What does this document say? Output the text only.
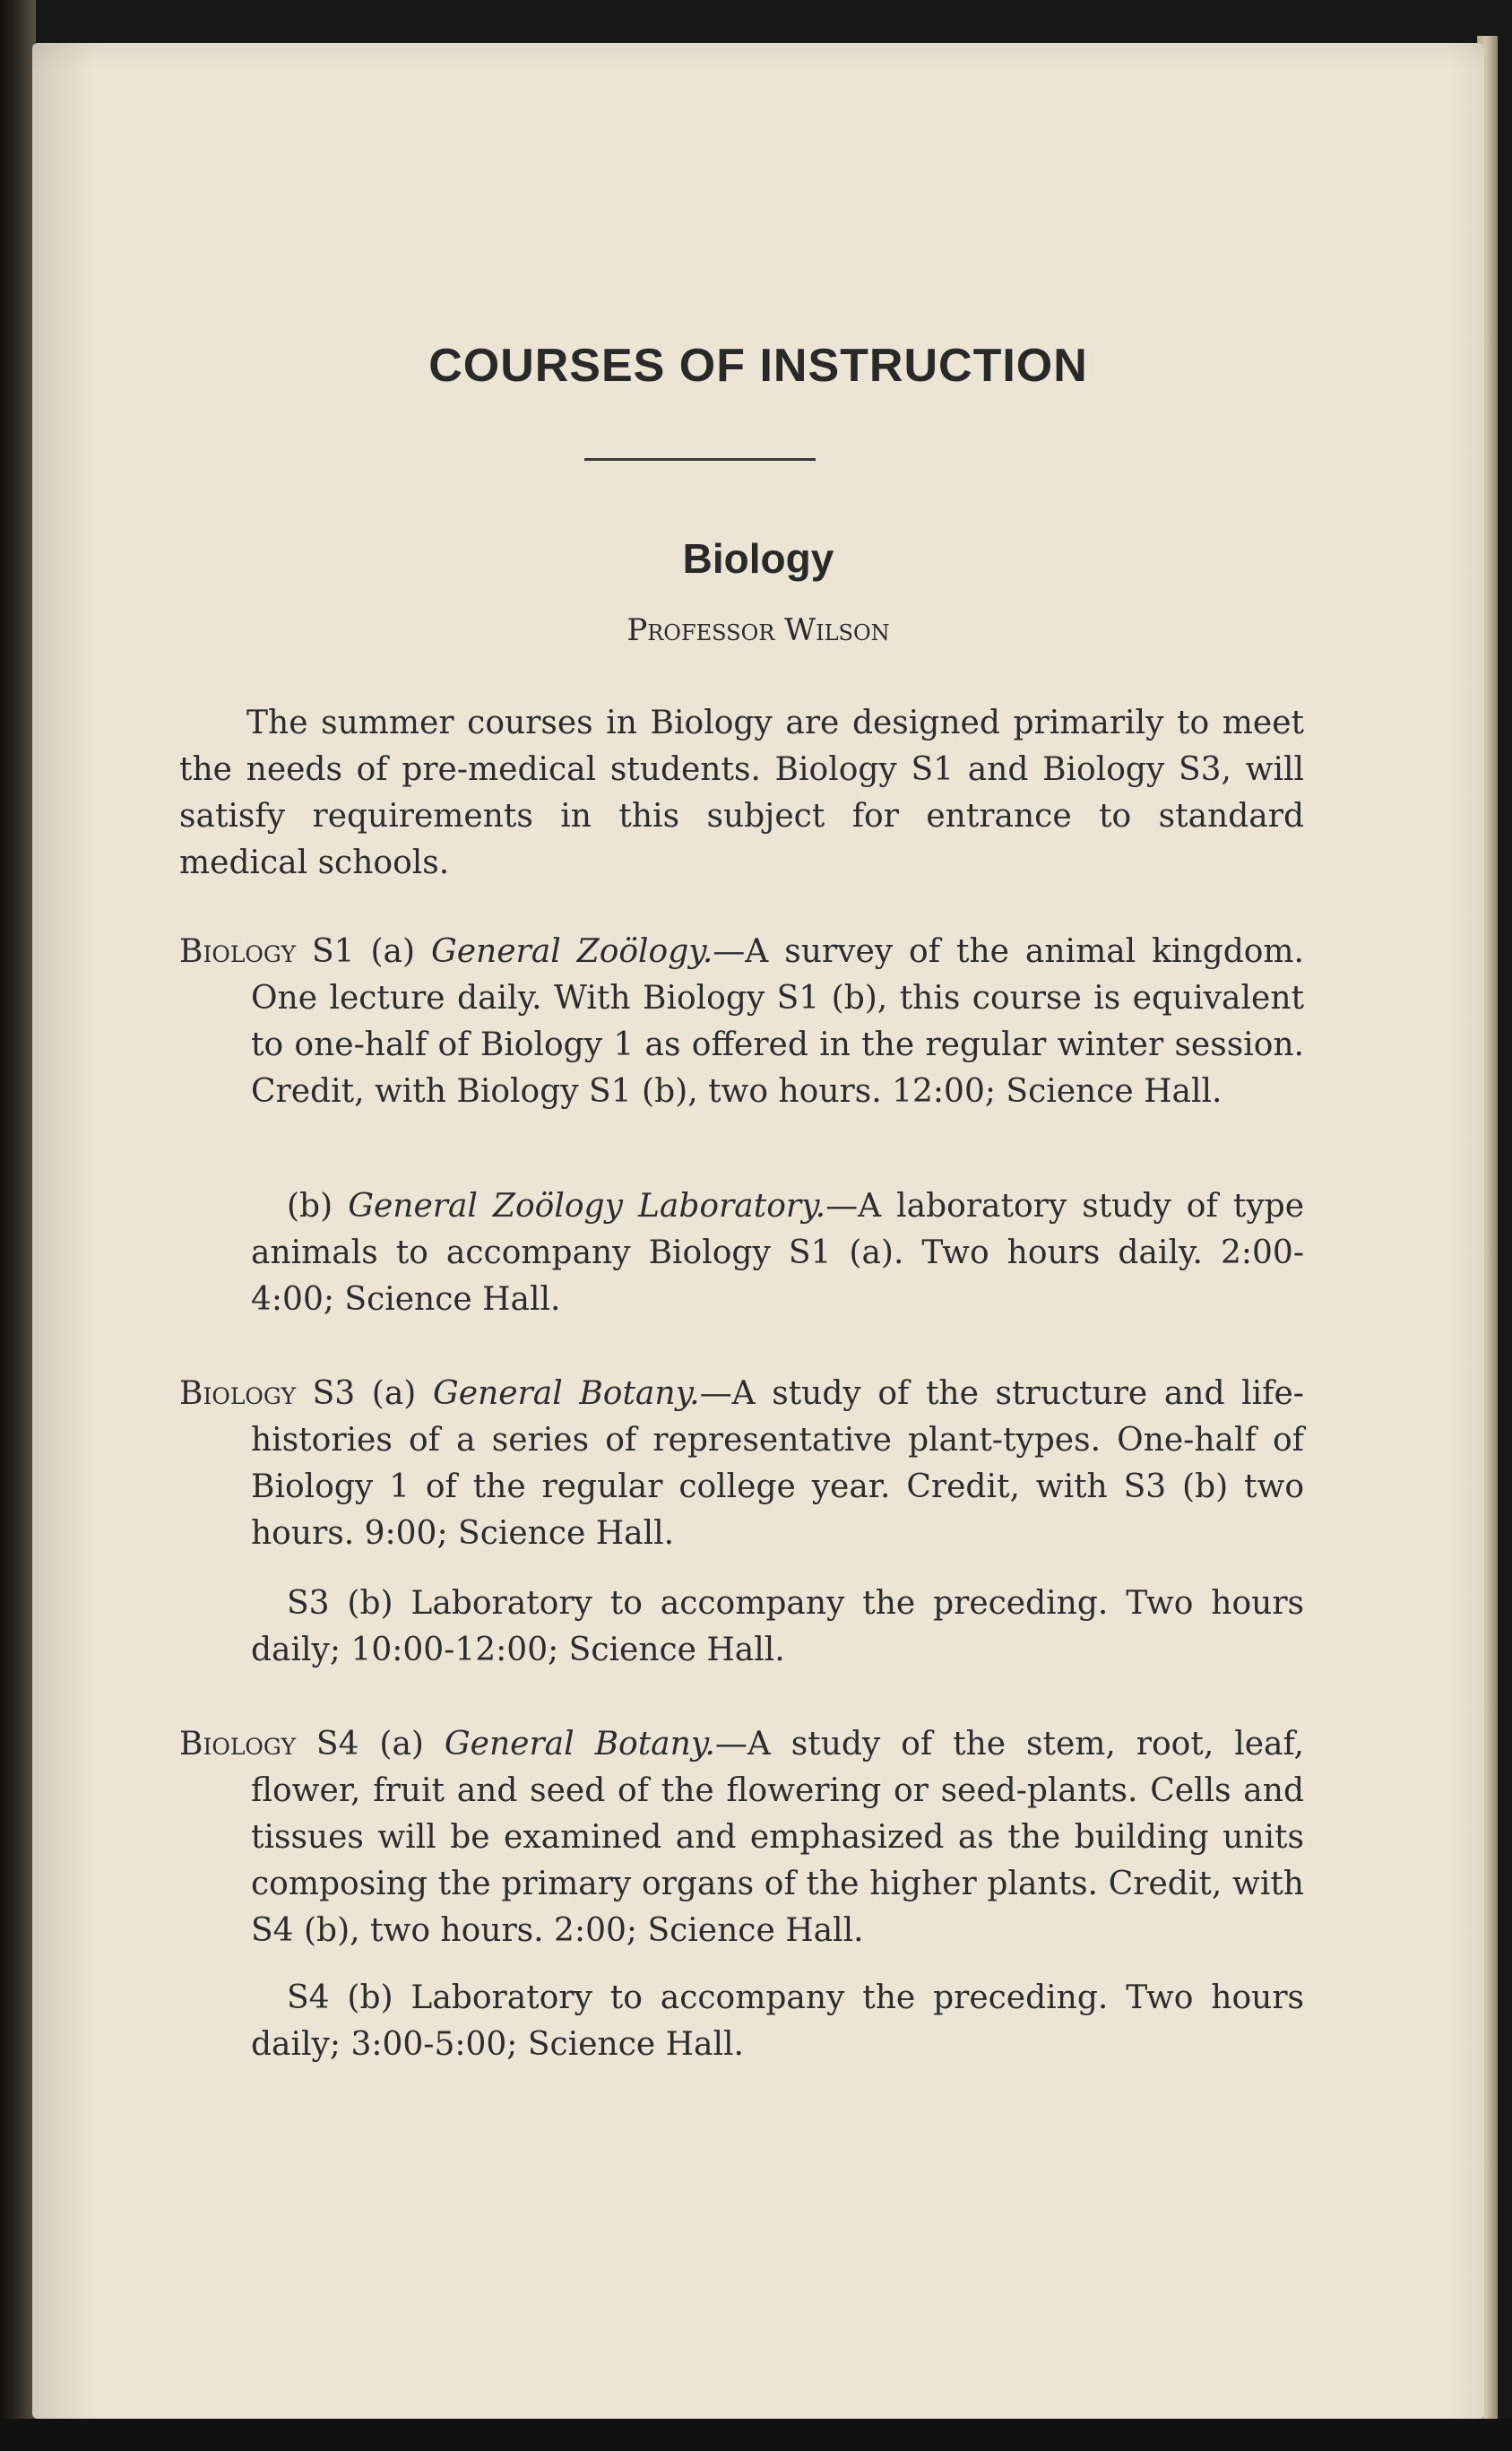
COURSES OF INSTRUCTION
Biology
Professor Wilson
The summer courses in Biology are designed primarily to meet the needs of pre-medical students. Biology S1 and Biology S3, will satisfy requirements in this subject for entrance to standard medical schools.
Biology S1 (a) General Zoölogy.—A survey of the animal kingdom. One lecture daily. With Biology S1 (b), this course is equivalent to one-half of Biology 1 as offered in the regular winter session. Credit, with Biology S1 (b), two hours. 12:00; Science Hall.
(b) General Zoölogy Laboratory.—A laboratory study of type animals to accompany Biology S1 (a). Two hours daily. 2:00-4:00; Science Hall.
Biology S3 (a) General Botany.—A study of the structure and life-histories of a series of representative plant-types. One-half of Biology 1 of the regular college year. Credit, with S3 (b) two hours. 9:00; Science Hall.
S3 (b) Laboratory to accompany the preceding. Two hours daily; 10:00-12:00; Science Hall.
Biology S4 (a) General Botany.—A study of the stem, root, leaf, flower, fruit and seed of the flowering or seed-plants. Cells and tissues will be examined and emphasized as the building units composing the primary organs of the higher plants. Credit, with S4 (b), two hours. 2:00; Science Hall.
S4 (b) Laboratory to accompany the preceding. Two hours daily; 3:00-5:00; Science Hall.
